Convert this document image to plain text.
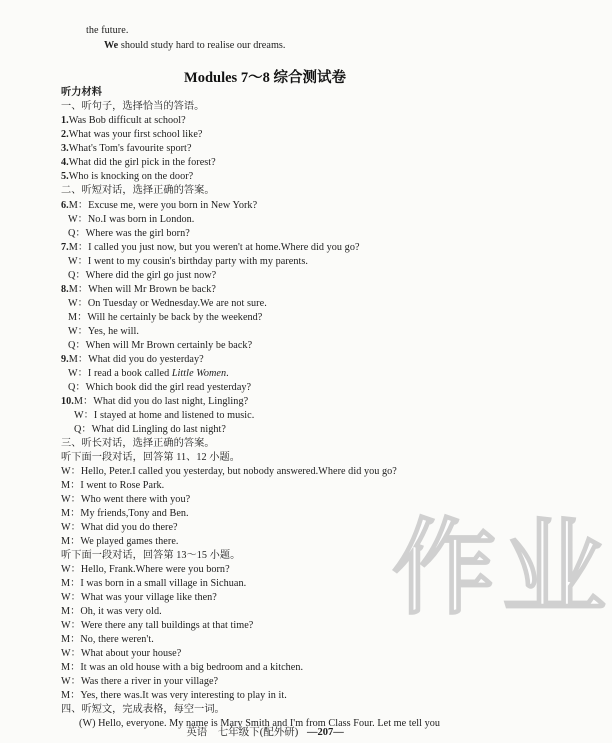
Modules 7～8 综合测试卷
the future.
We should study hard to realise our dreams.
听力材料
一、听句子，选择恰当的答语。
1.Was Bob difficult at school?
2.What was your first school like?
3.What's Tom's favourite sport?
4.What did the girl pick in the forest?
5.Who is knocking on the door?
二、听短对话，选择正确的答案。
6.M：Excuse me, were you born in New York?
W：No.I was born in London.
Q：Where was the girl born?
7.M：I called you just now, but you weren't at home.Where did you go?
W：I went to my cousin's birthday party with my parents.
Q：Where did the girl go just now?
8.M：When will Mr Brown be back?
W：On Tuesday or Wednesday.We are not sure.
M：Will he certainly be back by the weekend?
W：Yes, he will.
Q：When will Mr Brown certainly be back?
9.M：What did you do yesterday?
W：I read a book called Little Women.
Q：Which book did the girl read yesterday?
10.M：What did you do last night, Lingling?
W：I stayed at home and listened to music.
Q：What did Lingling do last night?
三、听长对话，选择正确的答案。
听下面一段对话，回答第 11、12 小题。
W：Hello, Peter.I called you yesterday, but nobody answered.Where did you go?
M：I went to Rose Park.
W：Who went there with you?
M：My friends,Tony and Ben.
W：What did you do there?
M：We played games there.
听下面一段对话，回答第 13～15 小题。
W：Hello, Frank.Where were you born?
M：I was born in a small village in Sichuan.
W：What was your village like then?
M：Oh, it was very old.
W：Were there any tall buildings at that time?
M：No, there weren't.
W：What about your house?
M：It was an old house with a big bedroom and a kitchen.
W：Was there a river in your village?
M：Yes, there was.It was very interesting to play in it.
四、听短文，完成表格，每空一词。
(W) Hello, everyone. My name is Mary Smith and I'm from Class Four. Let me tell you
作业
英语　七年级下(配外研) —207—
